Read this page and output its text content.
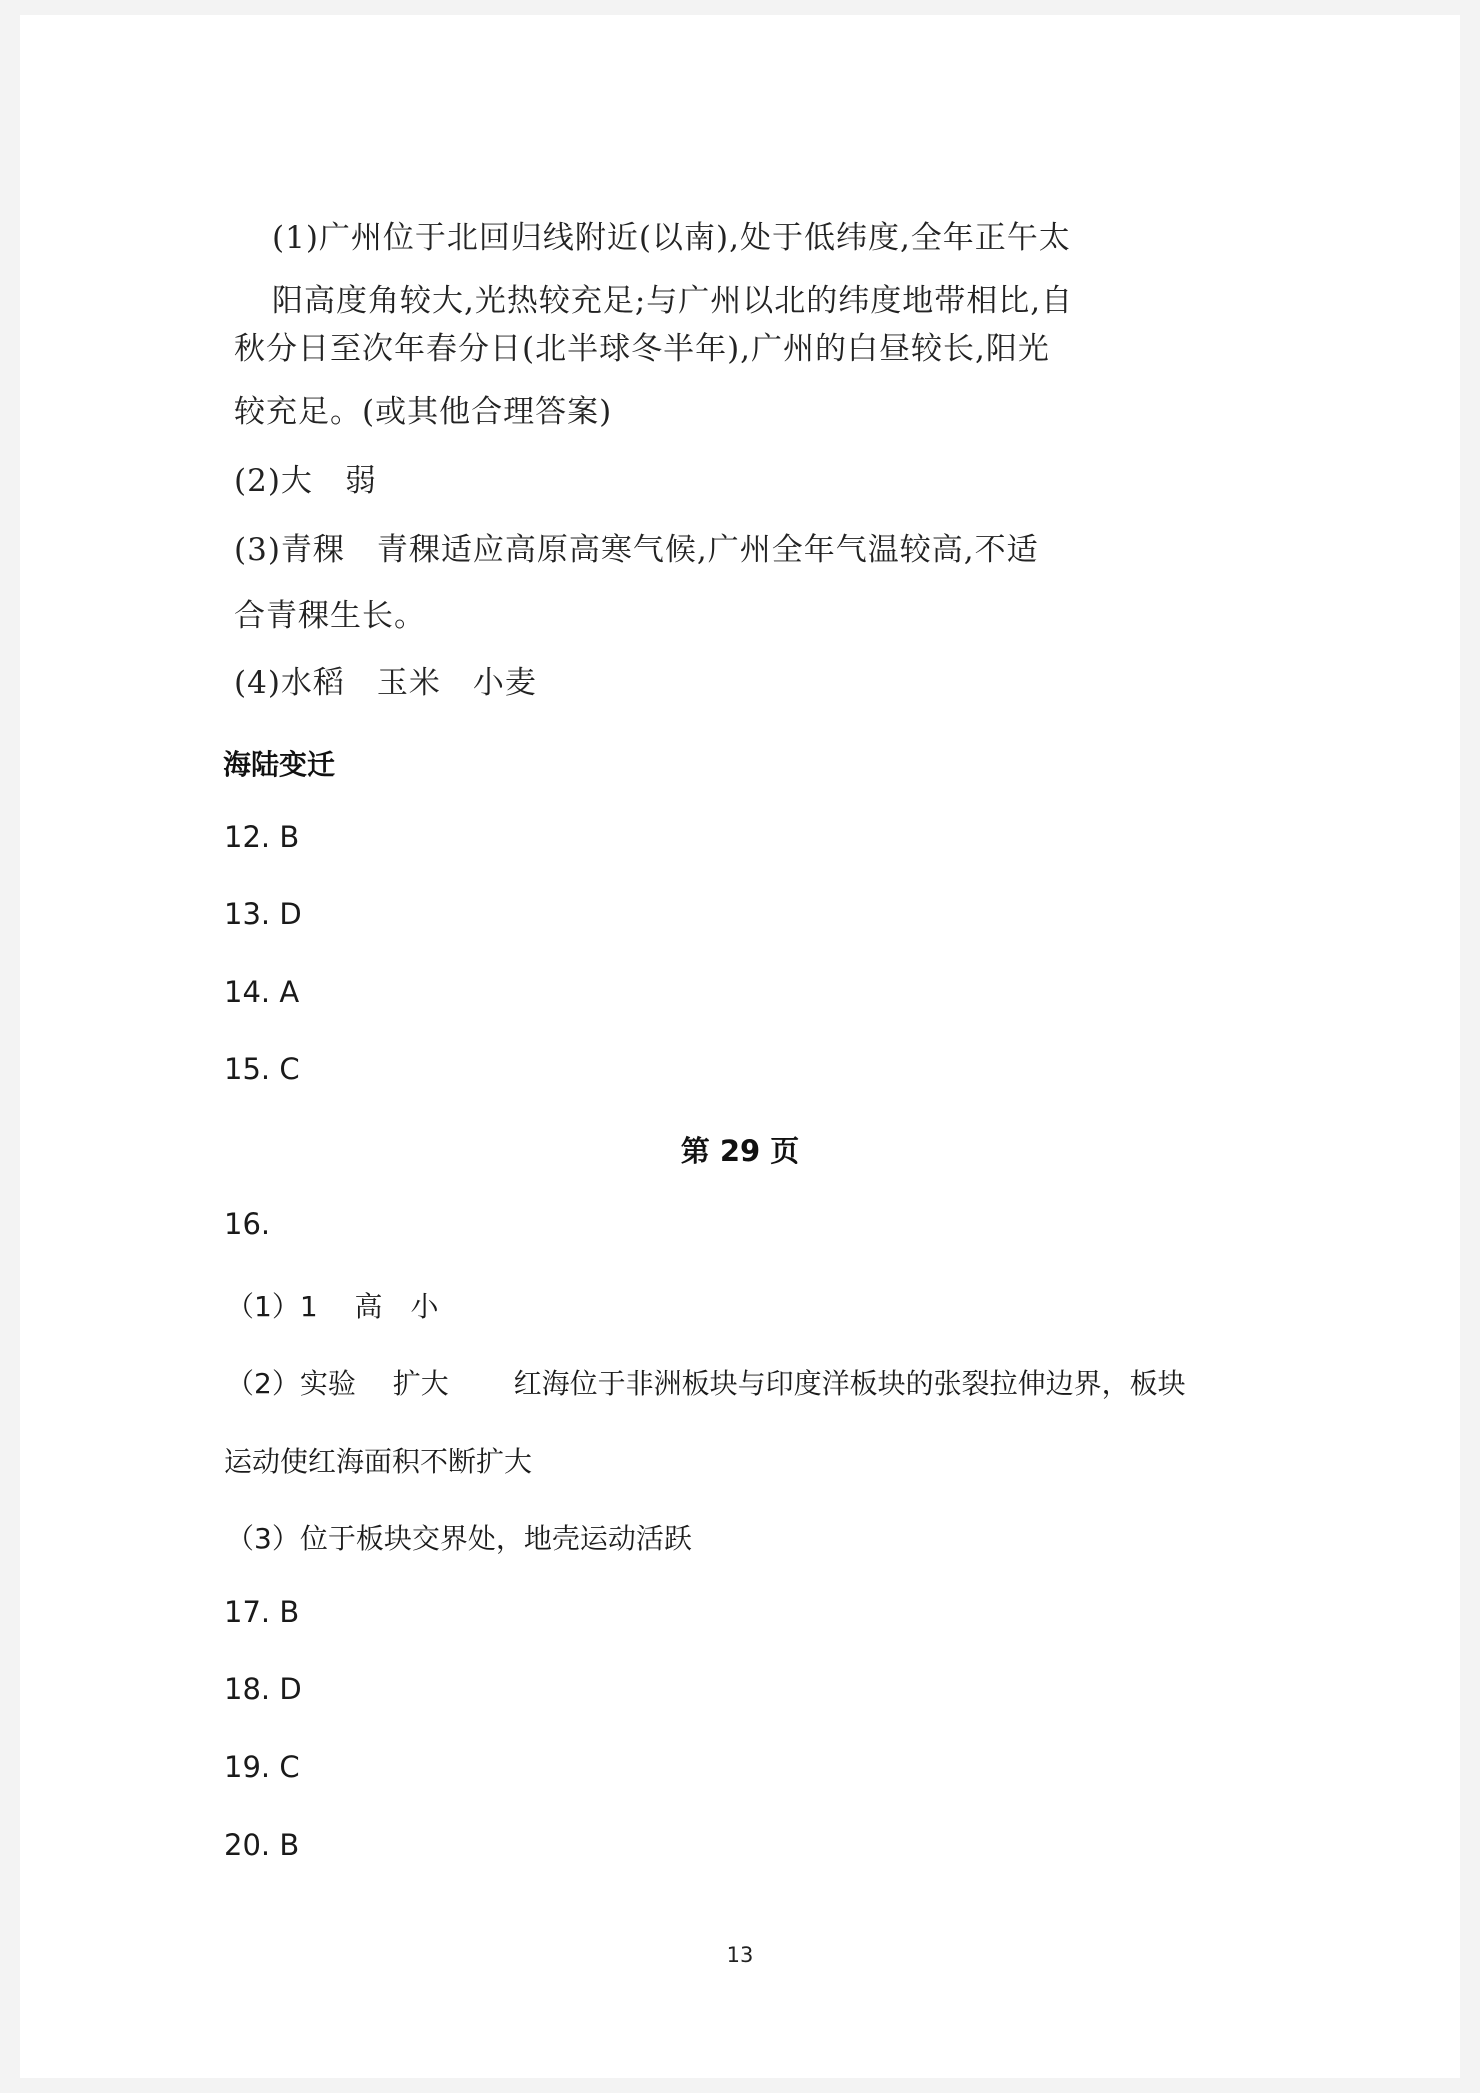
(1)广州位于北回归线附近(以南),处于低纬度,全年正午太
阳高度角较大,光热较充足;与广州以北的纬度地带相比,自
秋分日至次年春分日(北半球冬半年),广州的白昼较长,阳光
较充足。(或其他合理答案)
(2)大　弱
(3)青稞　青稞适应高原高寒气候,广州全年气温较高,不适
合青稞生长。
(4)水稻　玉米　小麦
海陆变迁
12. B
13. D
14. A
15. C
第 29 页
16.
（1）1　 高　小
（2）实验　 扩大　　 红海位于非洲板块与印度洋板块的张裂拉伸边界，板块
运动使红海面积不断扩大
（3）位于板块交界处，地壳运动活跃
17. B
18. D
19. C
20. B
13
